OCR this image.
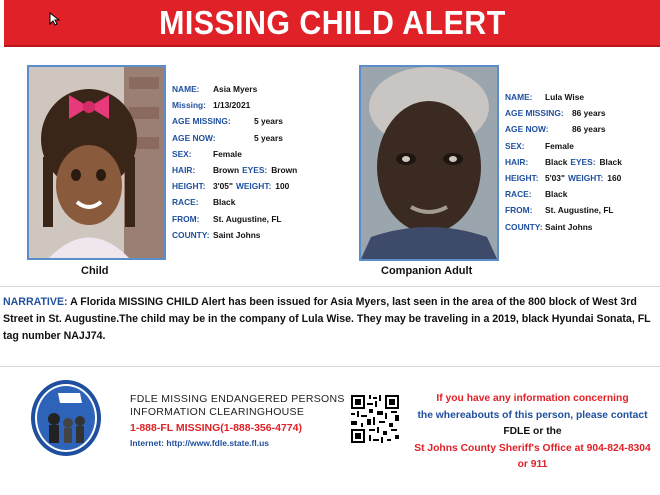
MISSING CHILD ALERT
Child
NAME:	Asia Myers
Missing: 1/13/2021
AGE MISSING:	5 years
AGE NOW:	5 years
SEX:	Female
HAIR:	Brown EYES: Brown
HEIGHT: 3'05" WEIGHT: 100
RACE:	Black
FROM:	St. Augustine, FL
COUNTY: Saint Johns
Companion Adult
NAME:	Lula Wise
AGE MISSING: 86 years
AGE NOW:	86 years
SEX:	Female
HAIR:	Black EYES: Black
HEIGHT: 5'03" WEIGHT: 160
RACE:	Black
FROM:	St. Augustine, FL
COUNTY: Saint Johns
NARRATIVE: A Florida MISSING CHILD Alert has been issued for Asia Myers, last seen in the area of the 800 block of West 3rd Street in St. Augustine.The child may be in the company of Lula Wise. They may be traveling in a 2019, black Hyundai Sonata, FL tag number NAJJ74.
FDLE MISSING ENDANGERED PERSONS
INFORMATION CLEARINGHOUSE
1-888-FL MISSING(1-888-356-4774)
Internet: http://www.fdle.state.fl.us
If you have any information concerning
the whereabouts of this person, please contact
FDLE or the
St Johns County Sheriff's Office at 904-824-8304
or 911
